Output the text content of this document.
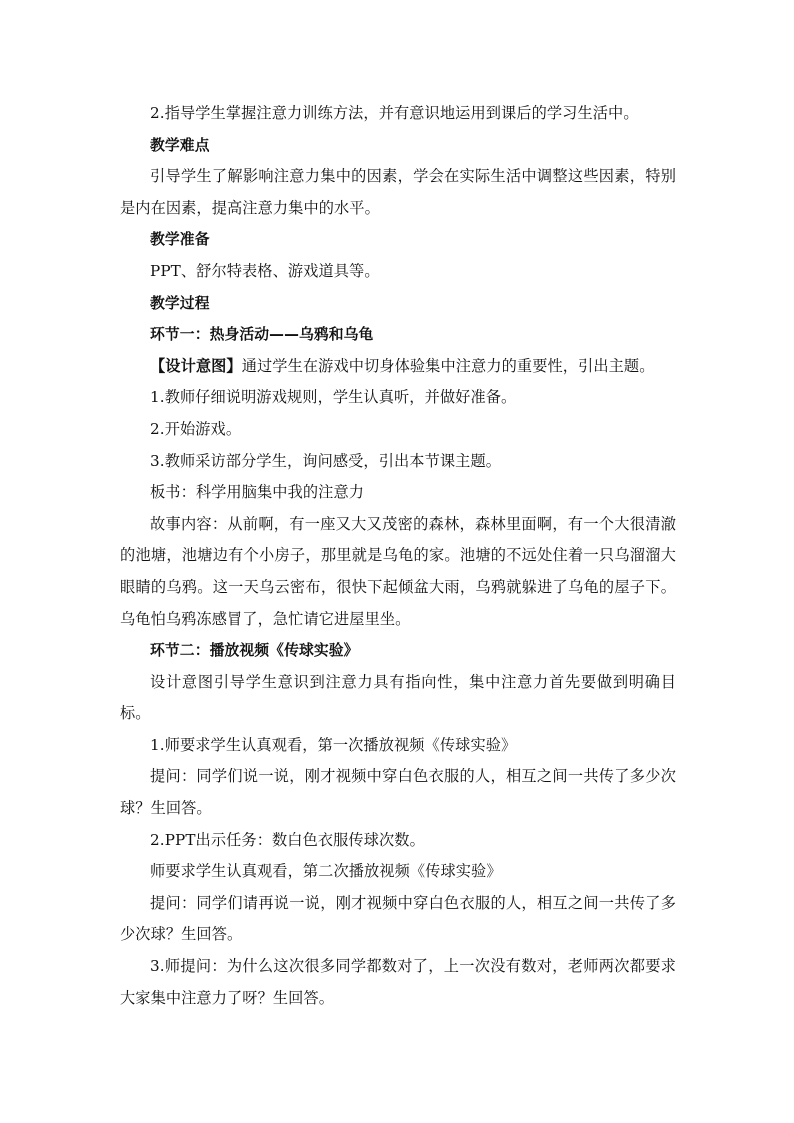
2.指导学生掌握注意力训练方法，并有意识地运用到课后的学习生活中。

教学难点

引导学生了解影响注意力集中的因素，学会在实际生活中调整这些因素，特别是内在因素，提高注意力集中的水平。

教学准备

PPT、舒尔特表格、游戏道具等。

教学过程

环节一：热身活动——乌鸦和乌龟

【设计意图】通过学生在游戏中切身体验集中注意力的重要性，引出主题。

1.教师仔细说明游戏规则，学生认真听，并做好准备。

2.开始游戏。

3.教师采访部分学生，询问感受，引出本节课主题。

板书：科学用脑集中我的注意力

故事内容：从前啊，有一座又大又茂密的森林，森林里面啊，有一个大很清澈的池塘，池塘边有个小房子，那里就是乌龟的家。池塘的不远处住着一只乌溜溜大眼睛的乌鸦。这一天乌云密布，很快下起倾盆大雨，乌鸦就躲进了乌龟的屋子下。乌龟怕乌鸦冻感冒了，急忙请它进屋里坐。

环节二：播放视频《传球实验》

设计意图引导学生意识到注意力具有指向性，集中注意力首先要做到明确目标。

1.师要求学生认真观看，第一次播放视频《传球实验》

提问：同学们说一说，刚才视频中穿白色衣服的人，相互之间一共传了多少次球？生回答。

2.PPT出示任务：数白色衣服传球次数。

师要求学生认真观看，第二次播放视频《传球实验》

提问：同学们请再说一说，刚才视频中穿白色衣服的人，相互之间一共传了多少次球？生回答。

3.师提问：为什么这次很多同学都数对了，上一次没有数对，老师两次都要求大家集中注意力了呀？生回答。
